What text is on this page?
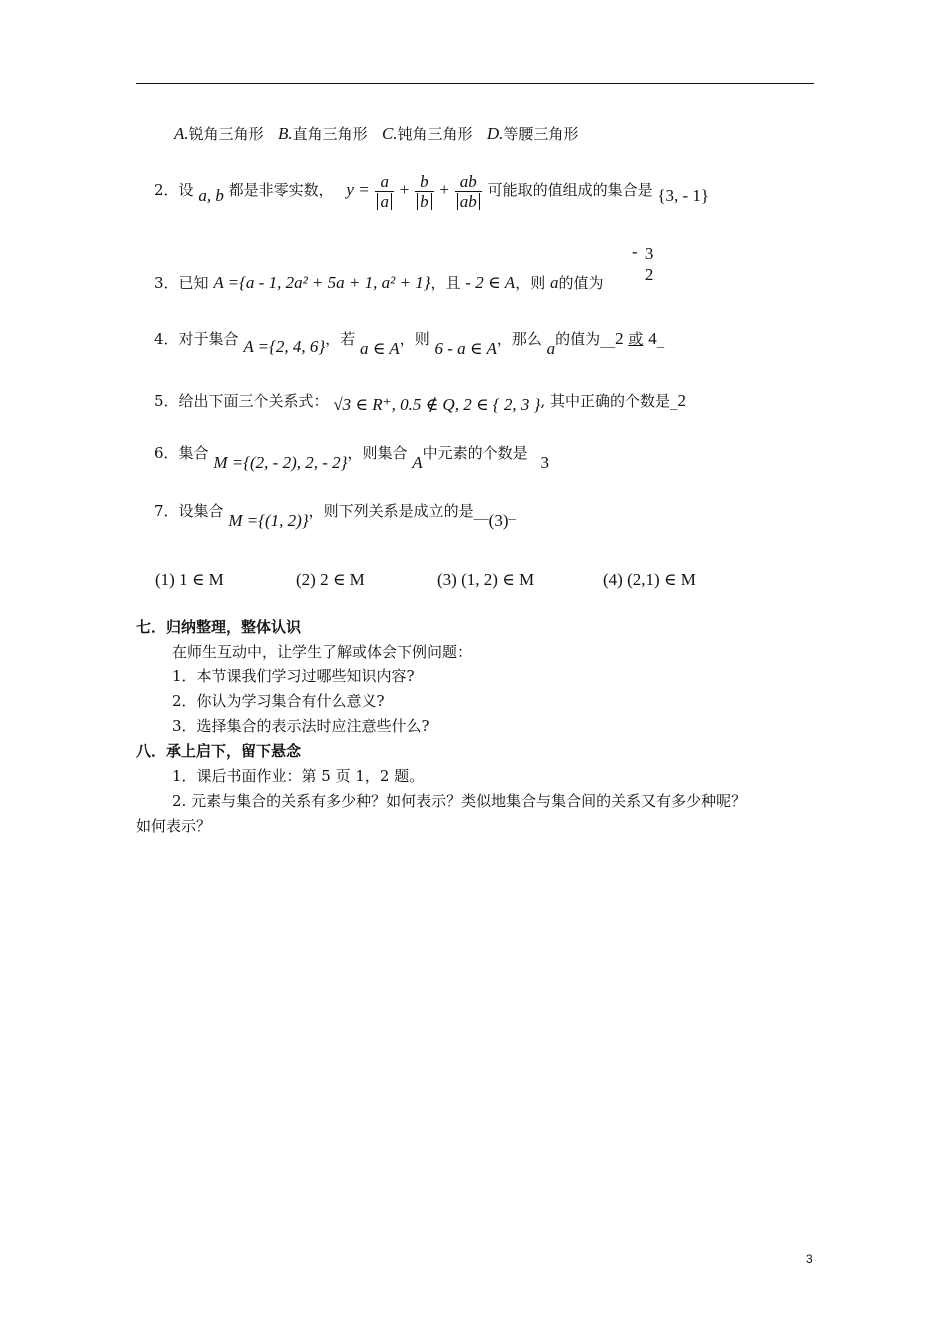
A.锐角三角形 B.直角三角形 C.钝角三角形 D.等腰三角形
2．设 a, b 都是非零实数， $y = \frac{a}{a} + \frac{b}{b} + \frac{ab}{ab}$ 可能取的值组成的集合是 {3, - 1}
3．已知 A ={a - 1, 2a² + 5a + 1, a² + 1}，且 - 2 ∈ A，则 a的值为
- 3
2
4．对于集合 A ={2, 4, 6}，若 a ∈ A，则 6 - a ∈ A，那么 a的值为__2 或 4_
5．给出下面三个关系式： √3 ∈ R⁺, 0.5 ∉ Q, 2 ∈ { 2, 3 }, 其中正确的个数是_2
6．集合 M ={(2, - 2), 2, - 2}，则集合 A中元素的个数是 3
7．设集合 M ={(1, 2)}，则下列关系是成立的是__(3)_
(1) 1 ∈ M	(2) 2 ∈ M	(3) (1, 2) ∈ M	(4) (2,1) ∈ M
七．归纳整理，整体认识
在师生互动中，让学生了解或体会下例问题：
1．本节课我们学习过哪些知识内容?
2．你认为学习集合有什么意义?
3．选择集合的表示法时应注意些什么?
八．承上启下，留下悬念
1．课后书面作业：第 5 页 1，2 题。
2. 元素与集合的关系有多少种？如何表示？类似地集合与集合间的关系又有多少种呢？
如何表示？
3
